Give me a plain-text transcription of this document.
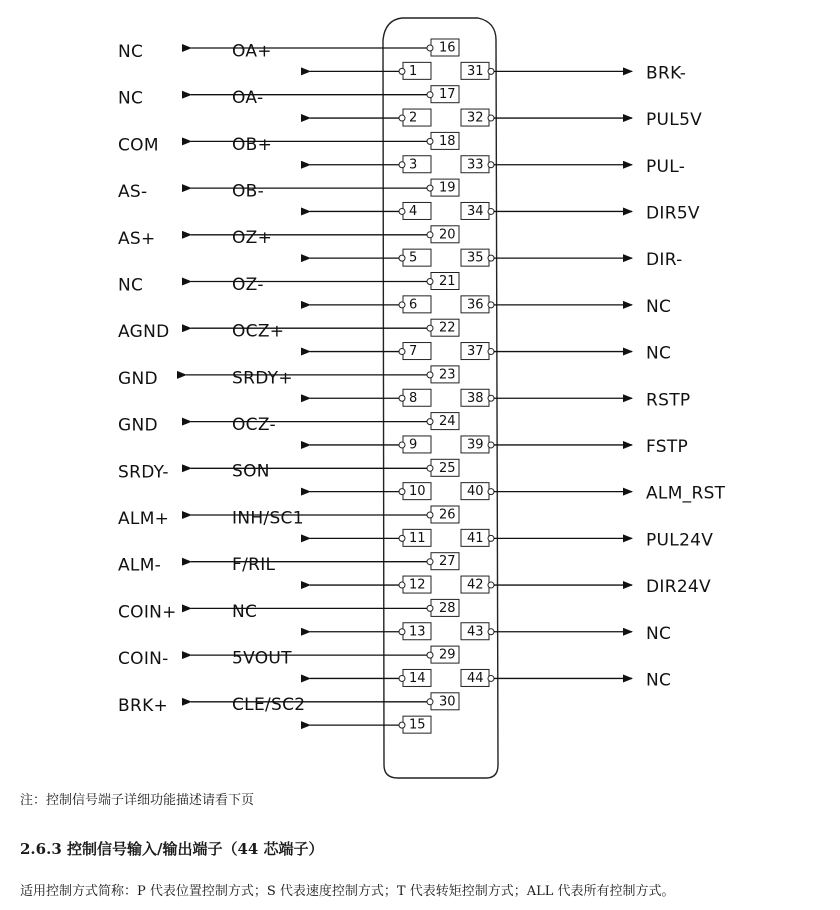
16
NC
1
OA+
31	BRK-
17
NC
2
OA-
32	PUL5V
18
COM
3
OB+
33	PUL-
19
AS-
4
OB-
34	DIR5V
20
AS+
5
OZ+
35	DIR-
21
NC
6
OZ-
36	NC
22
AGND
7
OCZ+
37	NC
23
GND
8
SRDY+
38	RSTP
24
GND
9
OCZ-
39	FSTP
25
SRDY-
10
SON
40	ALM_RST
26
ALM+
11
INH/SC1
41	PUL24V
27
ALM-
12
F/RIL
42	DIR24V
28
COIN+
13
NC
43	NC
29
COIN-
14
5VOUT
44	NC
30
BRK+
15
CLE/SC2
注：控制信号端子详细功能描述请看下页
2.6.3 控制信号输入/输出端子（44 芯端子）
适用控制方式简称：P 代表位置控制方式；S 代表速度控制方式；T 代表转矩控制方式；ALL 代表所有控制方式。
